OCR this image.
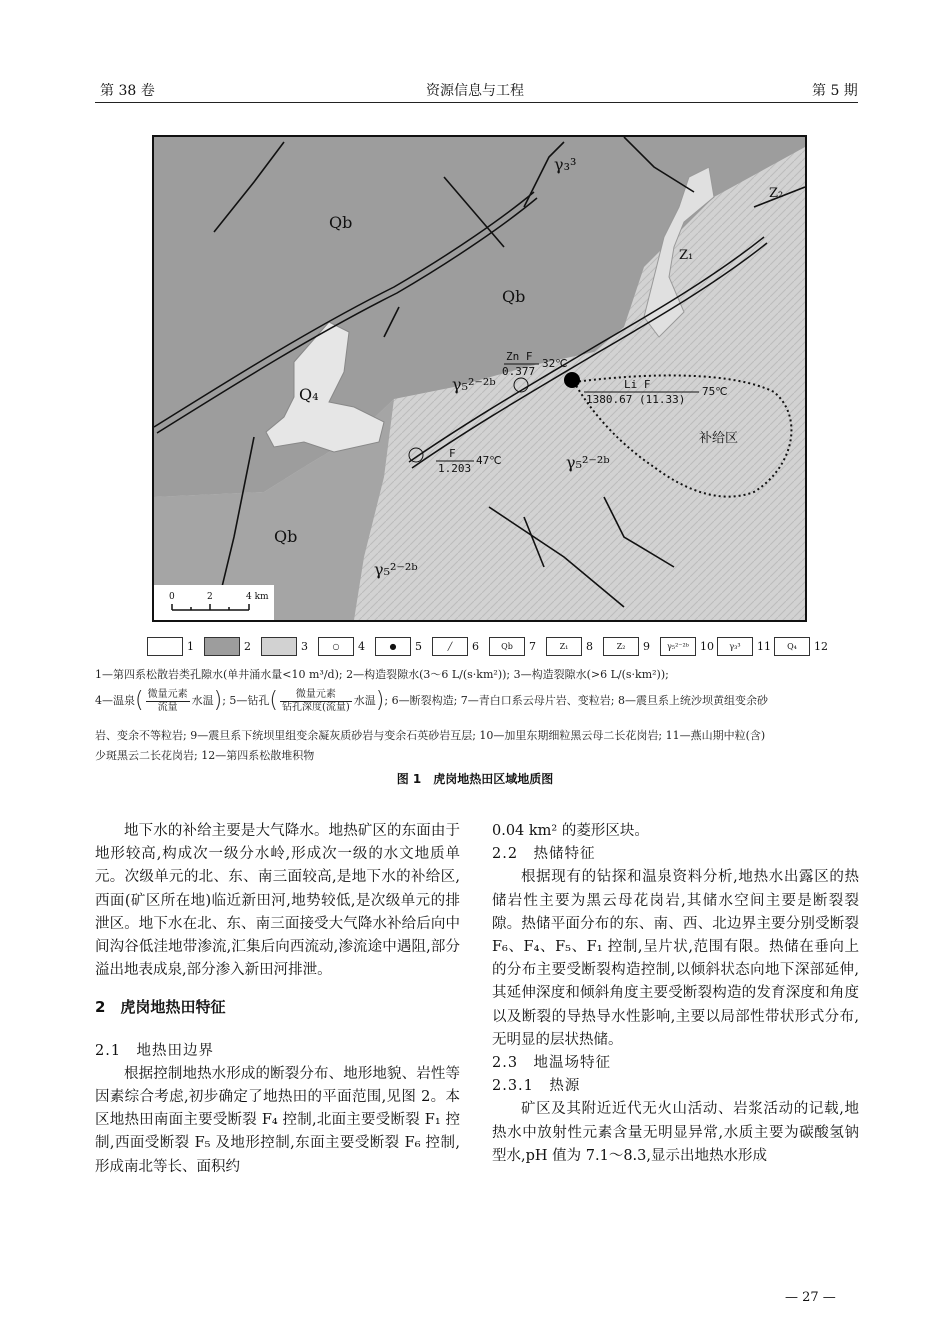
第 38 卷	资源信息与工程	第 5 期
γ₃³
Z₂
Z₁
Qb
Qb
Qb
Q₄
γ₅²⁻²ᵇ
γ₅²⁻²ᵇ
γ₅²⁻²ᵇ
补给区
Zn F
0.377
32℃
Li F
1380.67 (11.33)
75℃
F
1.203
47℃
0	2	4 km
1	2	3	○	4	●	5	╱	6	Qb	7	Z₁	8	Z₂	9	γ₅²⁻²ᵇ	10	γ₃³	11	Q₄	12
1—第四系松散岩类孔隙水(单井涌水量<10 m³/d); 2—构造裂隙水(3～6 L/(s·km²)); 3—构造裂隙水(>6 L/(s·km²));
4—温泉( $\frac{\text{微量元素}}{\text{流量}}$ 水温); 5—钻孔( $\frac{\text{微量元素}}{\text{钻孔深度(流量)}}$ 水温); 6—断裂构造; 7—青白口系云母片岩、变粒岩; 8—震旦系上统沙坝黄组变余砂
岩、变余不等粒岩; 9—震旦系下统坝里组变余凝灰质砂岩与变余石英砂岩互层; 10—加里东期细粒黑云母二长花岗岩; 11—燕山期中粒(含)
少斑黑云二长花岗岩; 12—第四系松散堆积物
图 1　虎岗地热田区域地质图

地下水的补给主要是大气降水。地热矿区的东面由于地形较高,构成次一级分水岭,形成次一级的水文地质单元。次级单元的北、东、南三面较高,是地下水的补给区,西面(矿区所在地)临近新田河,地势较低,是次级单元的排泄区。地下水在北、东、南三面接受大气降水补给后向中间沟谷低洼地带渗流,汇集后向西流动,渗流途中遇阻,部分溢出地表成泉,部分渗入新田河排泄。

2　虎岗地热田特征
2.1　地热田边界

根据控制地热水形成的断裂分布、地形地貌、岩性等因素综合考虑,初步确定了地热田的平面范围,见图 2。本区地热田南面主要受断裂 F₄ 控制,北面主要受断裂 F₁ 控制,西面受断裂 F₅ 及地形控制,东面主要受断裂 F₆ 控制,形成南北等长、面积约

0.04 km² 的菱形区块。

2.2　热储特征

根据现有的钻探和温泉资料分析,地热水出露区的热储岩性主要为黑云母花岗岩,其储水空间主要是断裂裂隙。热储平面分布的东、南、西、北边界主要分别受断裂 F₆、F₄、F₅、F₁ 控制,呈片状,范围有限。热储在垂向上的分布主要受断裂构造控制,以倾斜状态向地下深部延伸,其延伸深度和倾斜角度主要受断裂构造的发育深度和角度以及断裂的导热导水性影响,主要以局部性带状形式分布,无明显的层状热储。

2.3　地温场特征
2.3.1　热源

矿区及其附近近代无火山活动、岩浆活动的记载,地热水中放射性元素含量无明显异常,水质主要为碳酸氢钠型水,pH 值为 7.1～8.3,显示出地热水形成

— 27 —
